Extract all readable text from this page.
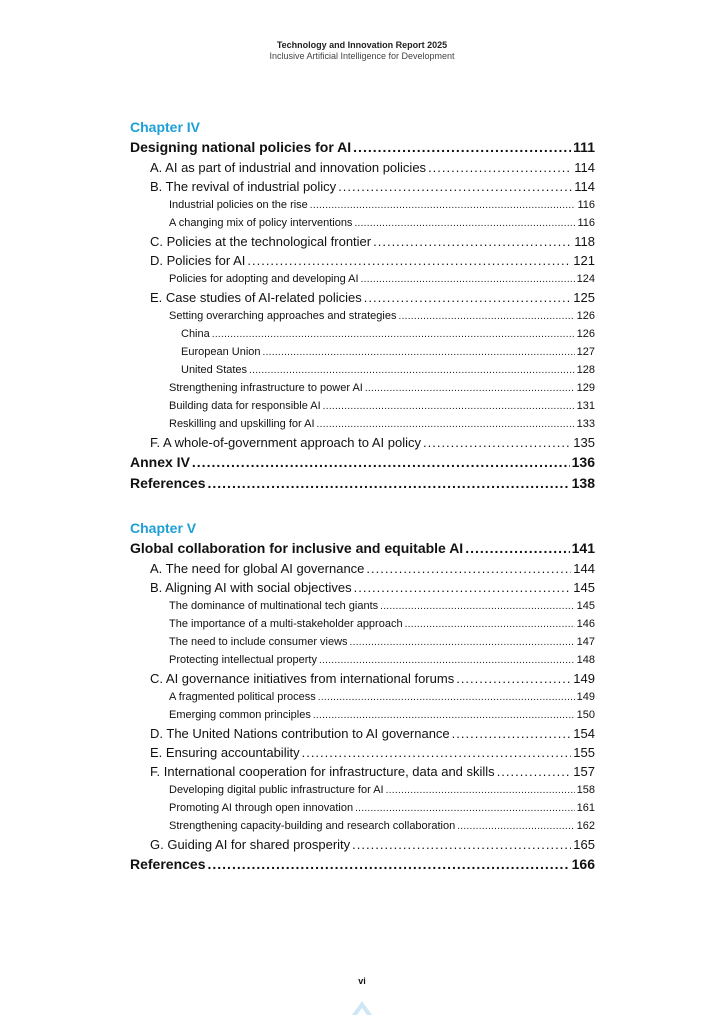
Technology and Innovation Report 2025
Inclusive Artificial Intelligence for Development
Chapter IV
Designing national policies for AI .....	111
A. AI as part of industrial and innovation policies .....	114
B. The revival of industrial policy .....	114
Industrial policies on the rise .....	116
A changing mix of policy interventions .....	116
C. Policies at the technological frontier .....	118
D. Policies for AI .....	121
Policies for adopting and developing AI .....	124
E. Case studies of AI-related policies .....	125
Setting overarching approaches and strategies .....	126
China .....	126
European Union .....	127
United States .....	128
Strengthening infrastructure to power AI .....	129
Building data for responsible AI .....	131
Reskilling and upskilling for AI .....	133
F. A whole-of-government approach to AI policy .....	135
Annex IV .....	136
References .....	138
Chapter V
Global collaboration for inclusive and equitable AI .....	141
A. The need for global AI governance .....	144
B. Aligning AI with social objectives .....	145
The dominance of multinational tech giants .....	145
The importance of a multi-stakeholder approach .....	146
The need to include consumer views .....	147
Protecting intellectual property .....	148
C. AI governance initiatives from international forums .....	149
A fragmented political process .....	149
Emerging common principles .....	150
D. The United Nations contribution to AI governance .....	154
E. Ensuring accountability .....	155
F. International cooperation for infrastructure, data and skills .....	157
Developing digital public infrastructure for AI .....	158
Promoting AI through open innovation .....	161
Strengthening capacity-building and research collaboration .....	162
G. Guiding AI for shared prosperity .....	165
References .....	166
vi
